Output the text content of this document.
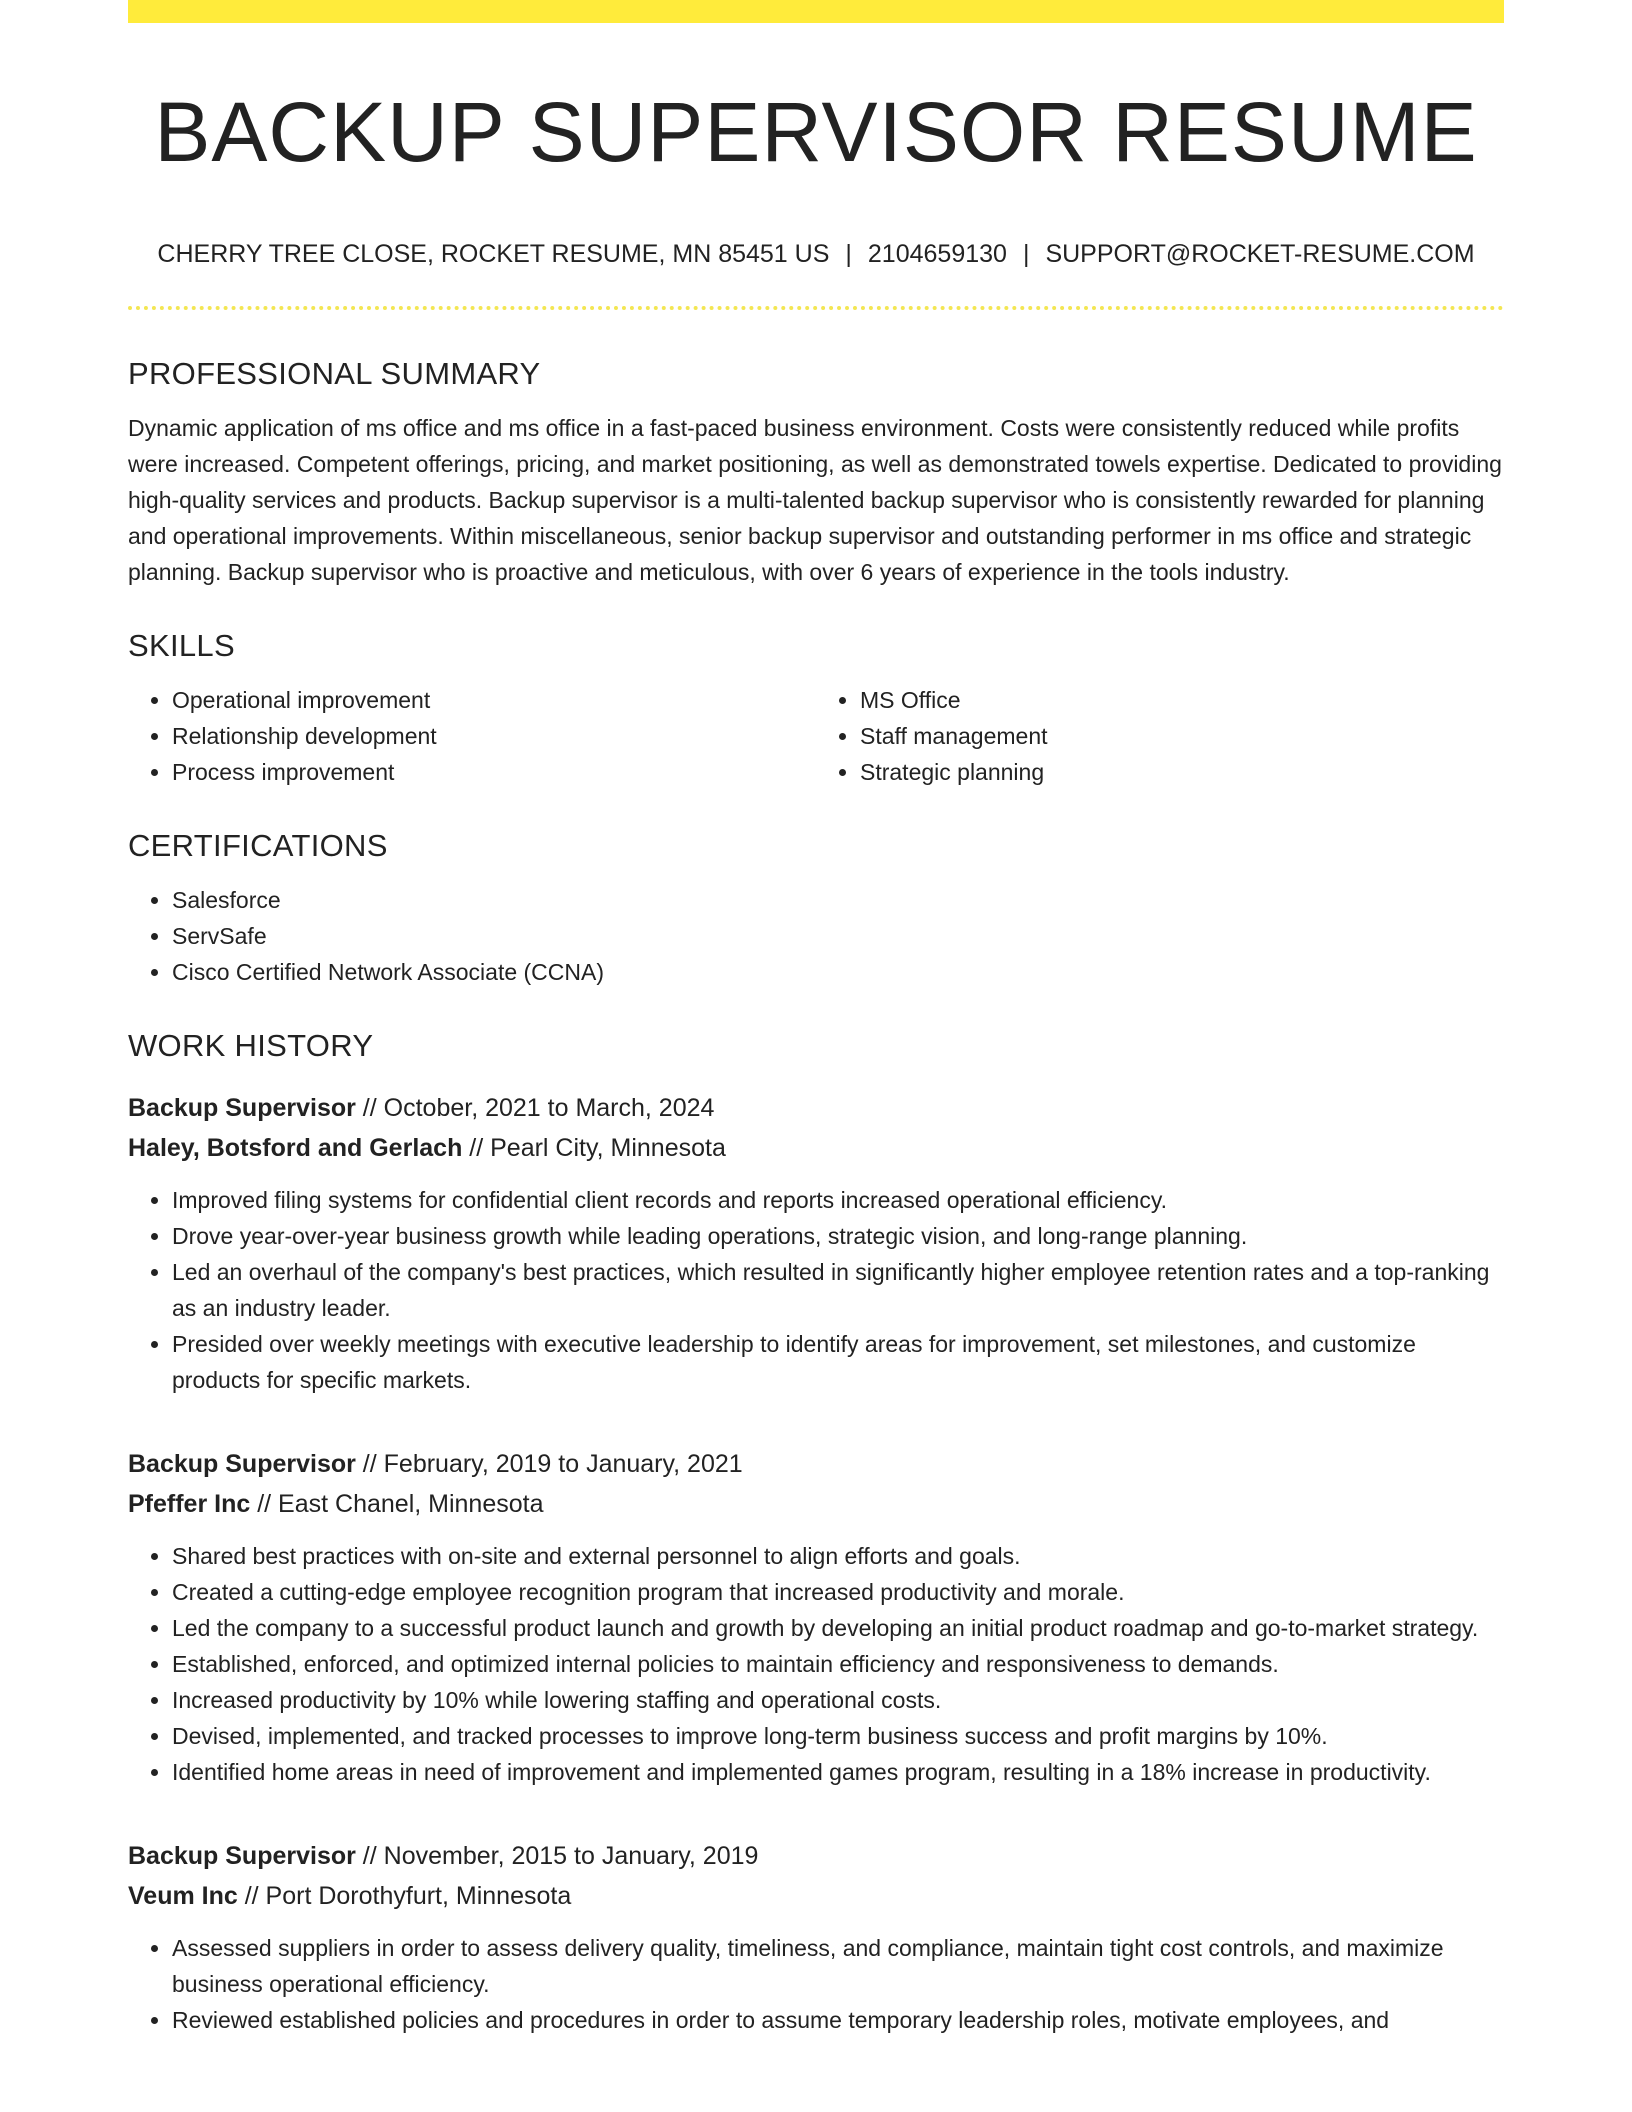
BACKUP SUPERVISOR RESUME
CHERRY TREE CLOSE, ROCKET RESUME, MN 85451 US | 2104659130 | SUPPORT@ROCKET-RESUME.COM
PROFESSIONAL SUMMARY

Dynamic application of ms office and ms office in a fast-paced business environment. Costs were consistently reduced while profits were increased. Competent offerings, pricing, and market positioning, as well as demonstrated towels expertise. Dedicated to providing high-quality services and products. Backup supervisor is a multi-talented backup supervisor who is consistently rewarded for planning and operational improvements. Within miscellaneous, senior backup supervisor and outstanding performer in ms office and strategic planning. Backup supervisor who is proactive and meticulous, with over 6 years of experience in the tools industry.

SKILLS
• Operational improvement
• Relationship development
• Process improvement
• MS Office
• Staff management
• Strategic planning
CERTIFICATIONS
• Salesforce
• ServSafe
• Cisco Certified Network Associate (CCNA)
WORK HISTORY
Backup Supervisor // October, 2021 to March, 2024
Haley, Botsford and Gerlach // Pearl City, Minnesota
• Improved filing systems for confidential client records and reports increased operational efficiency.
• Drove year-over-year business growth while leading operations, strategic vision, and long-range planning.
• Led an overhaul of the company's best practices, which resulted in significantly higher employee retention rates and a top-ranking as an industry leader.
• Presided over weekly meetings with executive leadership to identify areas for improvement, set milestones, and customize products for specific markets.
Backup Supervisor // February, 2019 to January, 2021
Pfeffer Inc // East Chanel, Minnesota
• Shared best practices with on-site and external personnel to align efforts and goals.
• Created a cutting-edge employee recognition program that increased productivity and morale.
• Led the company to a successful product launch and growth by developing an initial product roadmap and go-to-market strategy.
• Established, enforced, and optimized internal policies to maintain efficiency and responsiveness to demands.
• Increased productivity by 10% while lowering staffing and operational costs.
• Devised, implemented, and tracked processes to improve long-term business success and profit margins by 10%.
• Identified home areas in need of improvement and implemented games program, resulting in a 18% increase in productivity.
Backup Supervisor // November, 2015 to January, 2019
Veum Inc // Port Dorothyfurt, Minnesota
• Assessed suppliers in order to assess delivery quality, timeliness, and compliance, maintain tight cost controls, and maximize business operational efficiency.
• Reviewed established policies and procedures in order to assume temporary leadership roles, motivate employees, and
